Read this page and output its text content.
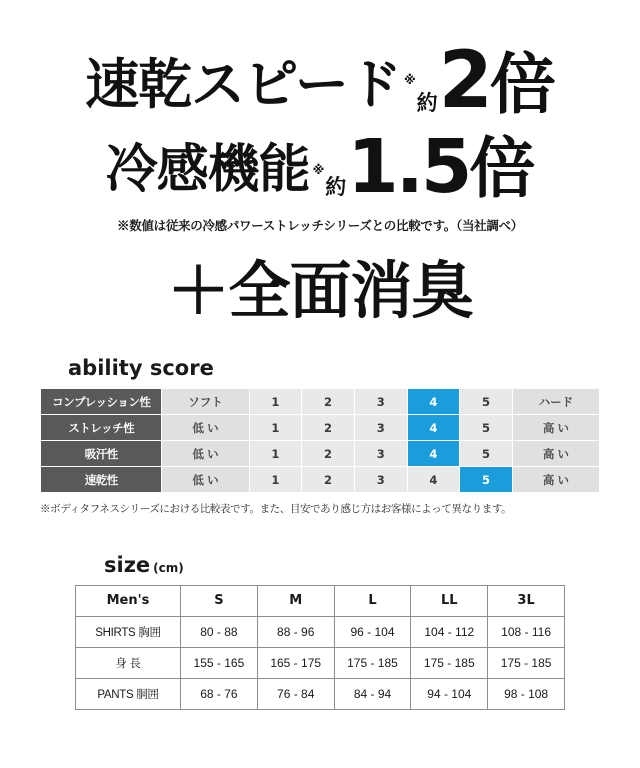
速乾スピード ※
約 2 倍
冷感機能 ※
約 1.5 倍
※数値は従来の冷感パワーストレッチシリーズとの比較です。（当社調べ）
＋全面消臭
ability score
コンプレッション性	ソフト	1	2	3	4	5	ハード
ストレッチ性	低 い	1	2	3	4	5	高 い
吸汗性	低 い	1	2	3	4	5	高 い
速乾性	低 い	1	2	3	4	5	高 い
※ボディタフネスシリーズにおける比較表です。また、目安であり感じ方はお客様によって異なります。
size (cm)
Men's	S	M	L	LL	3L
SHIRTS 胸囲	80 - 88	88 - 96	96 - 104	104 - 112	108 - 116
身 長	155 - 165	165 - 175	175 - 185	175 - 185	175 - 185
PANTS 胴囲	68 - 76	76 - 84	84 - 94	94 - 104	98 - 108
